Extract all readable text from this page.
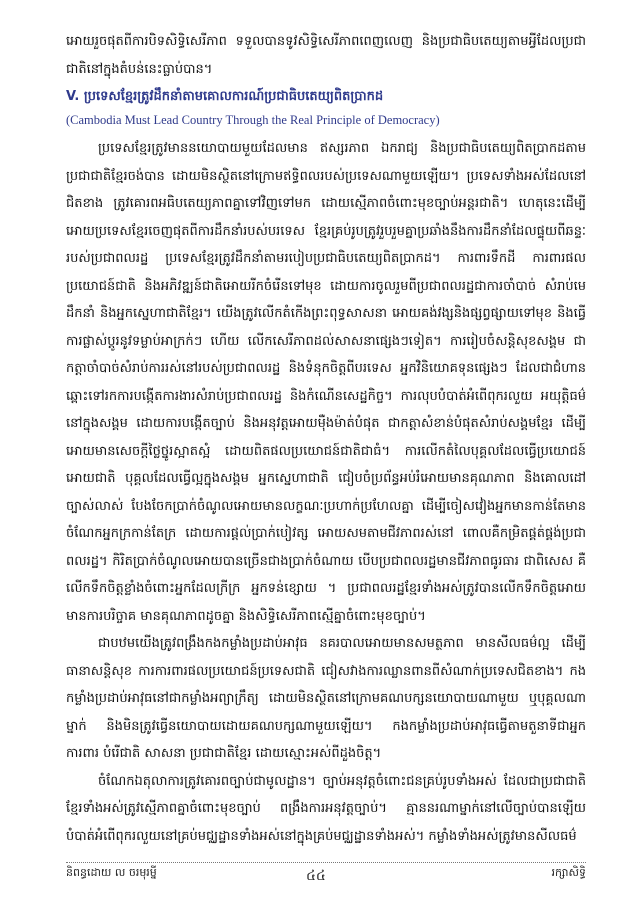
អោយរួចផុតពីការបិទសិទ្ធិសេរីភាព ទទួលបានទូវសិទ្ធិសេរីភាពពេញលេញ និងប្រជាធិបតេយ្យតាមអ្វីដែលប្រជាជាតិនៅក្នុងតំបន់នេះធ្លាប់បាន។

V. ប្រទេសខ្មែរត្រូវដឹកនាំតាមគោលការណ៍ប្រជាធិបតេយ្យពិតប្រាកដ
(Cambodia Must Lead Country Through the Real Principle of Democracy)

ប្រទេសខ្មែរត្រូវមាននយោបាយមួយដែលមាន ឥស្សរភាព ឯករាជ្យ និងប្រជាធិបតេយ្យពិតប្រាកដតាមប្រជាជាតិខ្មែរចង់បាន ដោយមិនស្ថិតនៅក្រោមឥទ្ធិពលរបស់ប្រទេសណាមួយឡើយ។ ប្រទេសទាំងអស់ដែលនៅជិតខាង ត្រូវគោរពអធិបតេយ្យភាពគ្នាទៅវិញទៅមក ដោយស្មើភាពចំពោះមុខច្បាប់អន្តរជាតិ។ ហេតុនេះដើម្បីអោយប្រទេសខ្មែរចេញផុតពីការដឹកនាំរបស់បរទេស ខ្មែរគ្រប់រូបត្រូវរួបរួមគ្នាប្រឆាំងនឹងការដឹកនាំដែលផ្ទុយពីឆន្ទៈរបស់ប្រជាពលរដ្ឋ ប្រទេសខ្មែរត្រូវដឹកនាំតាមរបៀបប្រជាធិបតេយ្យពិតប្រាកដ។ ការពារទឹកដី ការពារផលប្រយោជន៍ជាតិ និងអភិវឌ្ឍន៍ជាតិអោយរីកចំរើនទៅមុខ ដោយការចូលរួមពីប្រជាពលរដ្ឋជាការចាំបាច់ សំរាប់មេដឹកនាំ និងអ្នកស្នេហាជាតិខ្មែរ។ យើងត្រូវលើកតំកើងព្រះពុទ្ធសាសនា អោយគង់វង្សនិងផ្សព្វផ្សាយទៅមុខ និងធ្វើការផ្លាស់ប្តូរនូវទម្លាប់អាក្រក់ៗ ហើយ លើកសេរីភាពដល់សាសនាផ្សេងៗទៀត។ ការរៀបចំសន្តិសុខសង្គម ជាកត្តាចាំបាច់សំរាប់ការរស់នៅរបស់ប្រជាពលរដ្ឋ និងទំនុកចិត្តពីបរទេស អ្នកវិនិយោគទុនផ្សេងៗ ដែលជាជំហានឆ្ពោះទៅរកការបង្កើតការងារសំរាប់ប្រជាពលរដ្ឋ និងកំណើនសេដ្ឋកិច្ច។ ការលុបបំបាត់អំពើពុករលួយ អយុត្តិធម៌នៅក្នុងសង្គម ដោយការបង្កើតច្បាប់ និងអនុវត្តអោយម៉ឺងម៉ាត់បំផុត ជាកត្តាសំខាន់បំផុតសំរាប់សង្គមខ្មែរ ដើម្បីអោយមានសេចក្តីថ្លៃថ្នូរស្អាតស្អំ ដោយពិតផលប្រយោជន៍ជាតិជាធំ។ ការលើកតំលៃបុគ្គលដែលធ្វើប្រយោជន៍អោយជាតិ បុគ្គលដែលធ្វើល្អក្នុងសង្គម អ្នកស្នេហាជាតិ ជៀបចំប្រព័ន្ធអប់រំអោយមានគុណភាព និងគោលដៅច្បាស់លាស់ បែងចែកប្រាក់ចំណូលអោយមានលក្ខណៈប្រហាក់ប្រហែលគ្នា ដើម្បីចៀសវៀងអ្នកមានកាន់តែមាន ចំណែកអ្នកក្រកាន់តែក្រ ដោយការផ្តល់ប្រាក់បៀវត្ស អោយសមតាមជីវភាពរស់នៅ ពោលគឺកម្រិតផ្គត់ផ្គង់ប្រជាពលរដ្ឋ។ កិរិតប្រាក់ចំណូលអោយបានច្រើនជាងប្រាក់ចំណាយ បើបប្រជាពលរដ្ឋមានជីវភាពធូរធារ ជាពិសេស គឺលើកទឹកចិត្តខ្លាំងចំពោះអ្នកដែលក្រីក្រ អ្នកទន់ខ្សោយ ។ ប្រជាពលរដ្ឋខ្មែរទាំងអស់ត្រូវបានលើកទឹកចិត្តអោយមានការបរិច្ចាគ មានគុណភាពដូចគ្នា និងសិទ្ធិសេរីភាពស្មើគ្នាចំពោះមុខច្បាប់។

ជាបឋមយើងត្រូវពង្រឹងកងកម្លាំងប្រដាប់អាវុធ នគរបាលអោយមានសមត្ថភាព មានសីលធម៌ល្អ ដើម្បីធានាសន្តិសុខ ការការពារផលប្រយោជន៍ប្រទេសជាតិ ជៀសវាងការឈ្លានពានពីសំណាក់ប្រទេសជិតខាង។ កងកម្លាំងប្រដាប់អាវុធនៅជាកម្លាំងអព្យាក្រឹត្យ ដោយមិនស្ថិតនៅក្រោមគណបក្សនយោបាយណាមួយ ឬបុគ្គលណាម្នាក់ និងមិនត្រូវធ្វើនយោបាយដោយគណបក្សណាមួយឡើយ។ កងកម្លាំងប្រដាប់អាវុធធ្វើតាមតួនាទីជាអ្នកការពារ បំរើជាតិ សាសនា ប្រជាជាតិខ្មែរ ដោយស្មោះអស់ពីដួងចិត្ត។

ចំណែកឯតុលាការត្រូវគោរពច្បាប់ជាមូលដ្ឋាន។ ច្បាប់អនុវត្តចំពោះជនគ្រប់រូបទាំងអស់ ដែលជាប្រជាជាតិខ្មែរទាំងអស់ត្រូវស្មើភាពគ្នាចំពោះមុខច្បាប់ ពង្រឹងការអនុវត្តច្បាប់។ គ្មាននរណាម្នាក់នៅលើច្បាប់បានឡើយ បំបាត់អំពើពុករលួយនៅគ្រប់មជ្ឈដ្ឋានទាំងអស់នៅក្នុងគ្រប់មជ្ឈដ្ឋានទាំងអស់។ កម្លាំងទាំងអស់ត្រូវមានសីលធម៌

និពន្ធដោយ ល ចរមុរម្នី	៤៤	រក្សាសិទ្ធិ
